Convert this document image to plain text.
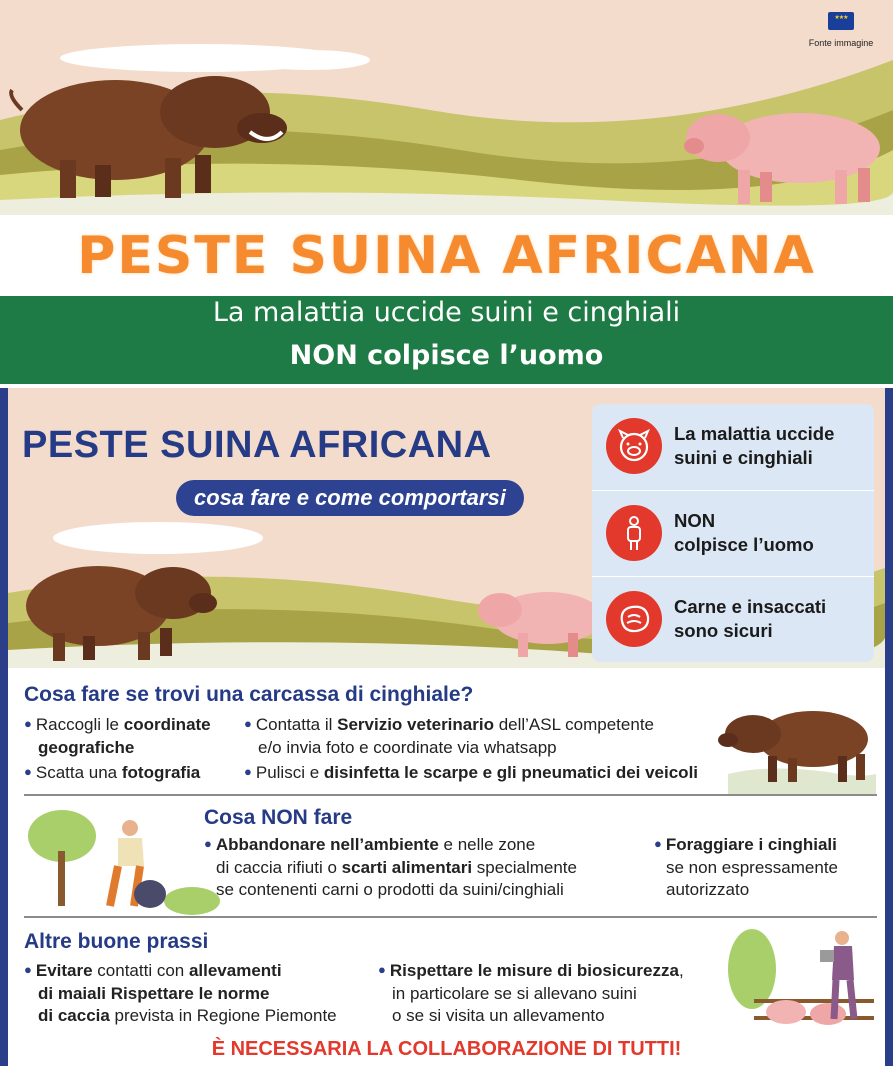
★★★
Fonte immagine
PESTE SUINA AFRICANA
La malattia uccide suini e cinghiali
NON colpisce l’uomo
PESTE SUINA AFRICANA
cosa fare e come comportarsi
La malattia uccide
suini e cinghiali
NON
colpisce l’uomo
Carne e insaccati
sono sicuri
Cosa fare se trovi una carcassa di cinghiale?
● Raccogli le coordinate
geografiche
● Contatta il Servizio veterinario dell’ASL competente
e/o invia foto e coordinate via whatsapp
● Scatta una fotografia	● Pulisci e disinfetta le scarpe e gli pneumatici dei veicoli
Cosa NON fare
● Abbandonare nell’ambiente e nelle zone
di caccia rifiuti o scarti alimentari specialmente
se contenenti carni o prodotti da suini/cinghiali
● Foraggiare i cinghiali
se non espressamente
autorizzato
Altre buone prassi
● Evitare contatti con allevamenti
di maiali Rispettare le norme
di caccia prevista in Regione Piemonte
● Rispettare le misure di biosicurezza,
in particolare se si allevano suini
o se si visita un allevamento
È NECESSARIA LA COLLABORAZIONE DI TUTTI!
